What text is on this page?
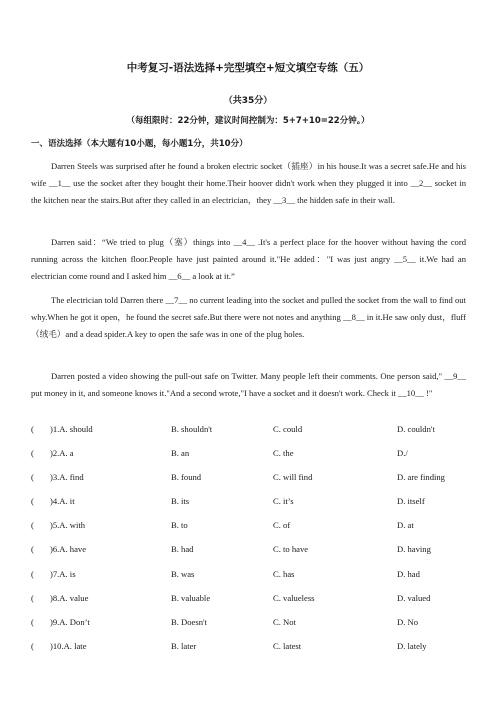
中考复习-语法选择+完型填空+短文填空专练（五）
（共35分）
（每组限时：22分钟，建议时间控制为：5+7+10=22分钟。）
一、语法选择（本大题有10小题，每小题1分，共10分）

Darren Steels was surprised after he found a broken electric socket（插座）in his house.It was a secret safe.He and his wife __1__ use the socket after they bought their home.Their hoover didn't work when they plugged it into __2__ socket in the kitchen near the stairs.But after they called in an electrician，they __3__ the hidden safe in their wall.

Darren said：“We tried to plug（塞）things into __4__ .It's a perfect place for the hoover without having the cord running across the kitchen floor.People have just painted around it."He added："I was just angry __5__ it.We had an electrician come round and I asked him __6__ a look at it.”

The electrician told Darren there __7__ no current leading into the socket and pulled the socket from the wall to find out why.When he got it open，he found the secret safe.But there were not notes and anything __8__ in it.He saw only dust，fluff（绒毛）and a dead spider.A key to open the safe was in one of the plug holes.

Darren posted a video showing the pull-out safe on Twitter. Many people left their comments. One person said," __9__ put money in it, and someone knows it."And a second wrote,"I have a socket and it doesn't work. Check it __10__ !"

( )1.A. should	B. shouldn't	C. could	D. couldn't
( )2.A. a	B. an	C. the	D./
( )3.A. find	B. found	C. will find	D. are finding
( )4.A. it	B. its	C. it’s	D. itself
( )5.A. with	B. to	C. of	D. at
( )6.A. have	B. had	C. to have	D. having
( )7.A. is	B. was	C. has	D. had
( )8.A. value	B. valuable	C. valueless	D. valued
( )9.A. Don’t	B. Doesn't	C. Not	D. No
( )10.A. late	B. later	C. latest	D. lately
